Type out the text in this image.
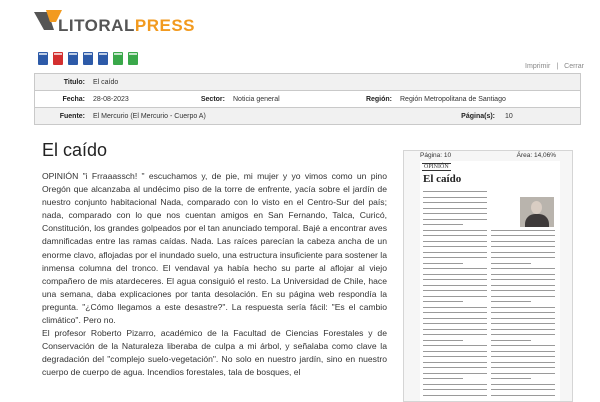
LITORALPRESS
Imprimir | Cerrar
Titulo: El caído
Fecha: 28-08-2023	Sector: Noticia general	Región: Región Metropolitana de Santiago
Fuente: El Mercurio (El Mercurio - Cuerpo A)	Página(s): 10
El caído

OPINIÓN "i Frraaassch! " escuchamos y, de pie, mi mujer y yo vimos como un pino Oregón que alcanzaba al undécimo piso de la torre de enfrente, yacía sobre el jardín de nuestro conjunto habitacional Nada, comparado con lo visto en el Centro-Sur del país; nada, comparado con lo que nos cuentan amigos en San Fernando, Talca, Curicó, Constitución, los grandes golpeados por el tan anunciado temporal. Bajé a encontrar aves damnificadas entre las ramas caídas. Nada. Las raíces parecían la cabeza ancha de un enorme clavo, aflojadas por el inundado suelo, una estructura insuficiente para sostener la inmensa columna del tronco. El vendaval ya había hecho su parte al aflojar al viejo compañero de mis atardeceres. El agua consiguió el resto. La Universidad de Chile, hace una semana, daba explicaciones por tanta desolación. En su página web respondía la pregunta. "¿Cómo llegamos a este desastre?". La respuesta sería fácil: "Es el cambio climático". Pero no.

El profesor Roberto Pizarro, académico de la Facultad de Ciencias Forestales y de Conservación de la Naturaleza liberaba de culpa a mi árbol, y señalaba como clave la degradación del "complejo suelo-vegetación". No solo en nuestro jardín, sino en nuestro cuerpo de cuerpo de agua. Incendios forestales, tala de bosques, el

Página: 10	Área: 14,06%
OPINIÓN
El caído
